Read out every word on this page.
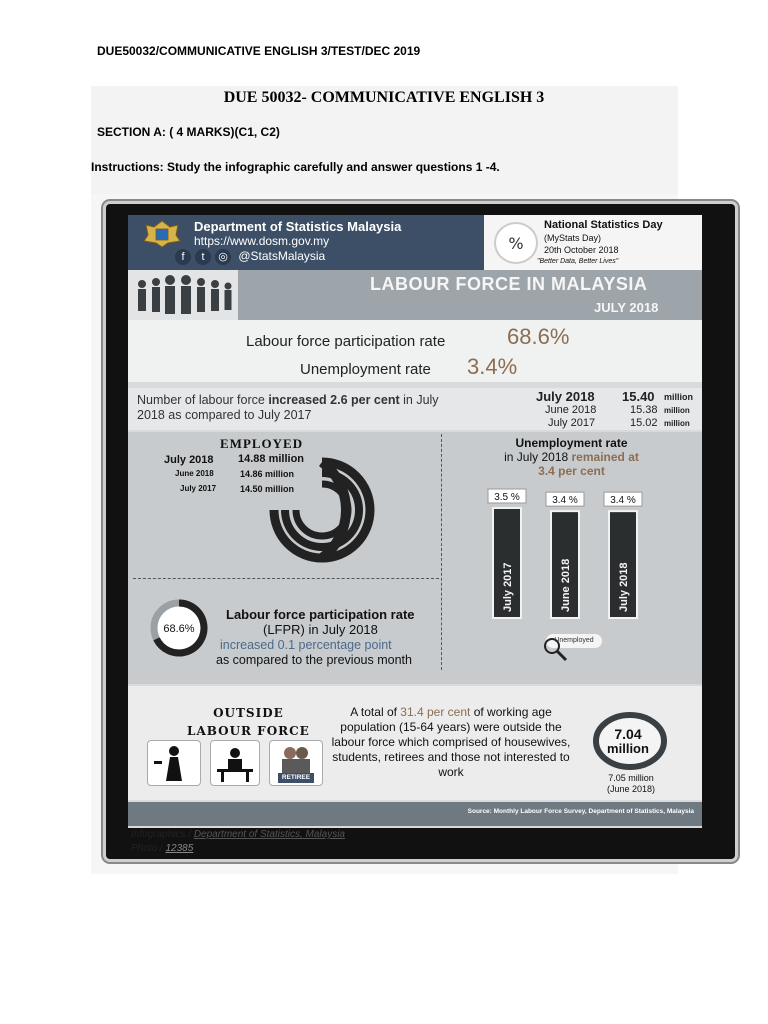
DUE50032/COMMUNICATIVE ENGLISH 3/TEST/DEC 2019
DUE 50032- COMMUNICATIVE ENGLISH 3
SECTION A: ( 4 MARKS)(C1, C2)
Instructions: Study the infographic carefully and answer questions 1 -4.
Department of Statistics Malaysia
https://www.dosm.gov.my
f t ◎ @StatsMalaysia
%
National Statistics Day
(MyStats Day)
20th October 2018
"Better Data, Better Lives"
LABOUR FORCE IN MALAYSIA
JULY 2018
Labour force participation rate	68.6%
Unemployment rate 3.4%
Number of labour force increased 2.6 per cent in July 2018 as compared to July 2017
July 2018 15.40 million
June 2018	15.38 million
July 2017	15.02 million
EMPLOYED
July 2018 14.88 million
June 2018	14.86 million
July 2017	14.50 million
Unemployment rate
in July 2018 remained at
3.4 per cent
3.5 %
July 2017
3.4 %
June 2018
3.4 %
July 2018
Unemployed
68.6%
Labour force participation rate
(LFPR) in July 2018
increased 0.1 percentage point
as compared to the previous month
OUTSIDE
LABOUR FORCE
RETIREE
A total of 31.4 per cent of working age population (15-64 years) were outside the labour force which comprised of housewives, students, retirees and those not interested to work
7.04
million
7.05 million
(June 2018)
Source: Monthly Labour Force Survey, Department of Statistics, Malaysia
Infographics / Department of Statistics, Malaysia
Photo / 12385
